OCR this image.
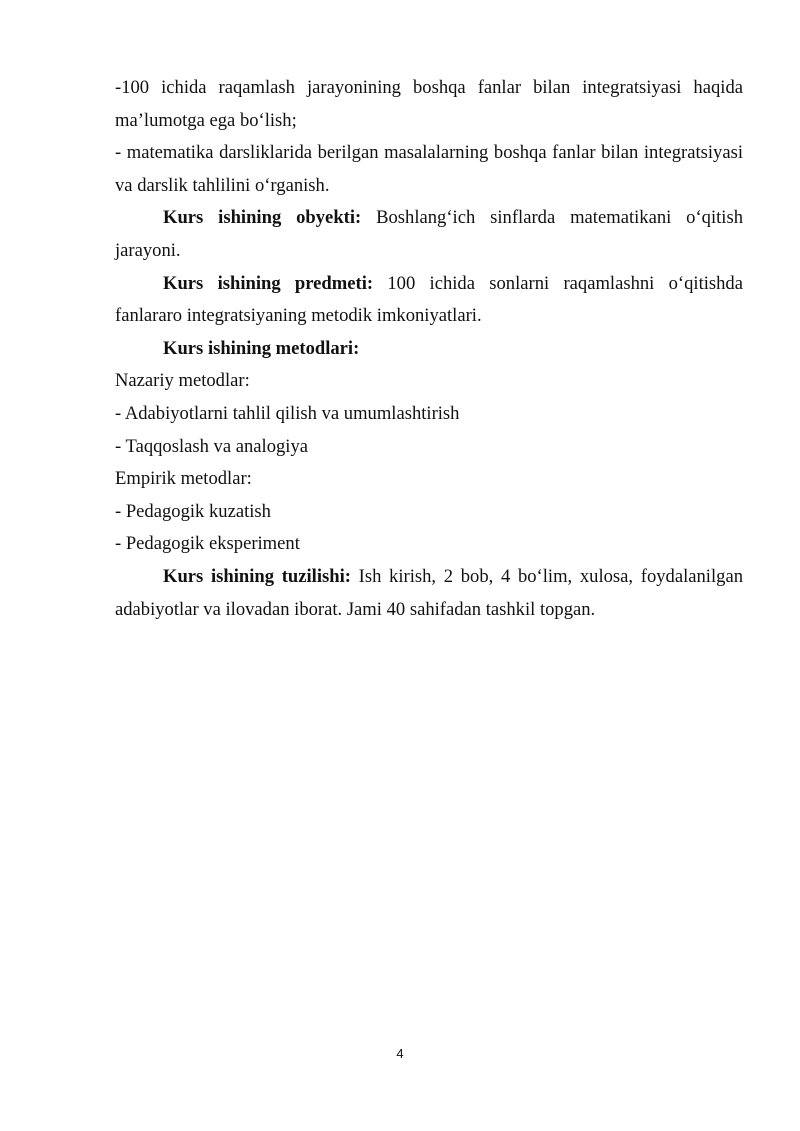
-100 ichida raqamlash jarayonining boshqa fanlar bilan integratsiyasi haqida ma’lumotga ega bo‘lish;

- matematika darsliklarida berilgan masalalarning boshqa fanlar bilan integratsiyasi va darslik tahlilini o‘rganish.

Kurs ishining obyekti: Boshlang‘ich sinflarda matematikani o‘qitish jarayoni.

Kurs ishining predmeti: 100 ichida sonlarni raqamlashni o‘qitishda fanlararo integratsiyaning metodik imkoniyatlari.

Kurs ishining metodlari:

Nazariy metodlar:

- Adabiyotlarni tahlil qilish va umumlashtirish

- Taqqoslash va analogiya

Empirik metodlar:

- Pedagogik kuzatish

- Pedagogik eksperiment

Kurs ishining tuzilishi: Ish kirish, 2 bob, 4 bo‘lim, xulosa, foydalanilgan adabiyotlar va ilovadan iborat. Jami 40 sahifadan tashkil topgan.

4
